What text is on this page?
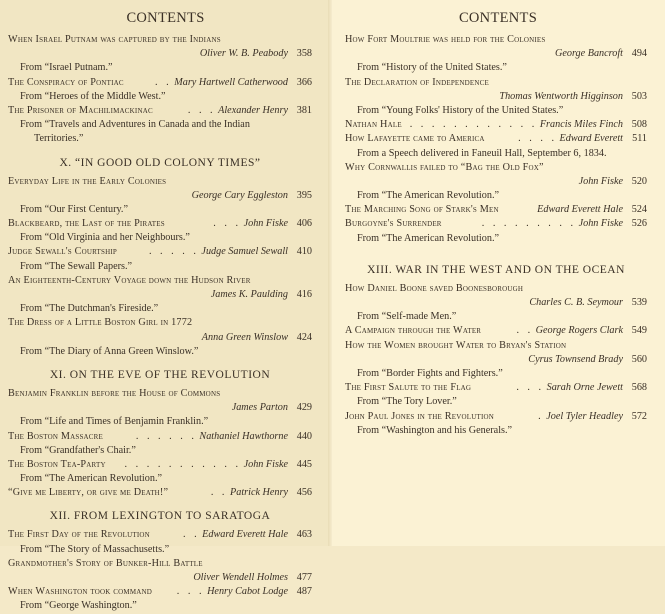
CONTENTS
When Israel Putnam was captured by the Indians
Oliver W. B. Peabody 358
From “Israel Putnam.”
The Conspiracy of Pontiac	. . Mary Hartwell Catherwood 366
From “Heroes of the Middle West.”
The Prisoner of Machilimackinac	. . . Alexander Henry 381
From “Travels and Adventures in Canada and the Indian
Territories.”
X. “IN GOOD OLD COLONY TIMES”
Everyday Life in the Early Colonies
George Cary Eggleston 395
From “Our First Century.”
Blackbeard, the Last of the Pirates	. . . John Fiske 406
From “Old Virginia and her Neighbours.”
Judge Sewall's Courtship	. . . . . Judge Samuel Sewall 410
From “The Sewall Papers.”
An Eighteenth-Century Voyage down the Hudson River
James K. Paulding 416
From “The Dutchman's Fireside.”
The Dress of a Little Boston Girl in 1772
Anna Green Winslow 424
From “The Diary of Anna Green Winslow.”
XI. ON THE EVE OF THE REVOLUTION
Benjamin Franklin before the House of Commons
James Parton 429
From “Life and Times of Benjamin Franklin.”
The Boston Massacre	. . . . . . Nathaniel Hawthorne 440
From “Grandfather's Chair.”
The Boston Tea-Party . . . . . . . . . . . John Fiske 445
From “The American Revolution.”
“Give me Liberty, or give me Death!”	. . Patrick Henry 456
XII. FROM LEXINGTON TO SARATOGA
The First Day of the Revolution	. . Edward Everett Hale 463
From “The Story of Massachusetts.”
Grandmother's Story of Bunker-Hill Battle
Oliver Wendell Holmes 477
When Washington took command . . . Henry Cabot Lodge 487
From “George Washington.”
CONTENTS
How Fort Moultrie was held for the Colonies
George Bancroft 494
From “History of the United States.”
The Declaration of Independence
Thomas Wentworth Higginson 503
From “Young Folks' History of the United States.”
Nathan Hale . . . . . . . . . . . . Francis Miles Finch 508
How Lafayette came to America	. . . . Edward Everett 511
From a Speech delivered in Faneuil Hall, September 6, 1834.
Why Cornwallis failed to “Bag the Old Fox”
John Fiske 520
From “The American Revolution.”
The Marching Song of Stark's Men	Edward Everett Hale 524
Burgoyne's Surrender	. . . . . . . . . John Fiske 526
From “The American Revolution.”
XIII. WAR IN THE WEST AND ON THE OCEAN
How Daniel Boone saved Boonesborough
Charles C. B. Seymour 539
From “Self-made Men.”
A Campaign through the Water	. . George Rogers Clark 549
How the Women brought Water to Bryan's Station
Cyrus Townsend Brady 560
From “Border Fights and Fighters.”
The First Salute to the Flag	. . . Sarah Orne Jewett 568
From “The Tory Lover.”
John Paul Jones in the Revolution	. Joel Tyler Headley 572
From “Washington and his Generals.”
